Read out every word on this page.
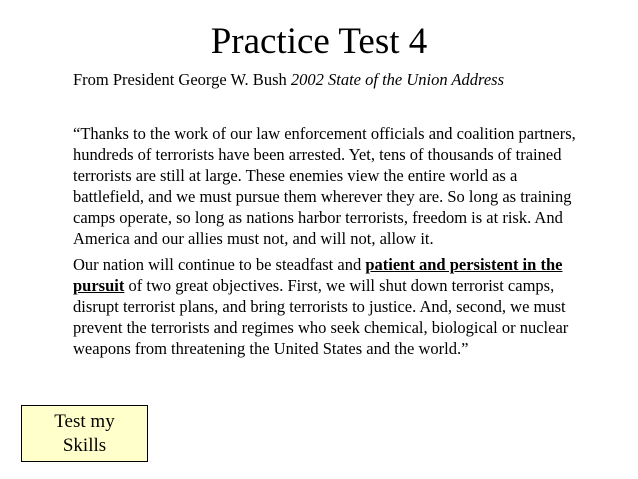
Practice Test 4

From President George W. Bush 2002 State of the Union Address

“Thanks to the work of our law enforcement officials and coalition partners, hundreds of terrorists have been arrested. Yet, tens of thousands of trained terrorists are still at large. These enemies view the entire world as a battlefield, and we must pursue them wherever they are. So long as training camps operate, so long as nations harbor terrorists, freedom is at risk. And America and our allies must not, and will not, allow it.

Our nation will continue to be steadfast and patient and persistent in the pursuit of two great objectives. First, we will shut down terrorist camps, disrupt terrorist plans, and bring terrorists to justice. And, second, we must prevent the terrorists and regimes who seek chemical, biological or nuclear weapons from threatening the United States and the world.”

Test my
Skills
